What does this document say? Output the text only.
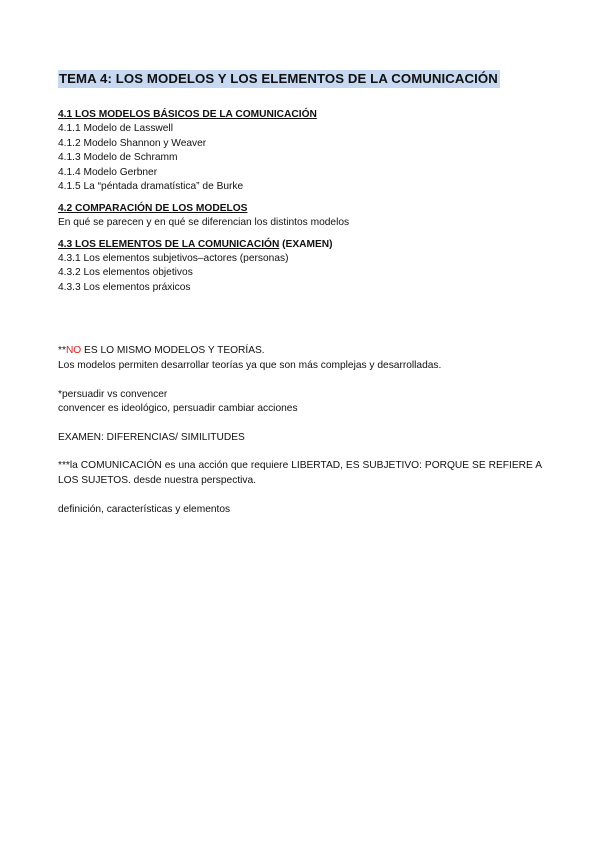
TEMA 4: LOS MODELOS Y LOS ELEMENTOS DE LA COMUNICACIÓN

4.1 LOS MODELOS BÁSICOS DE LA COMUNICACIÓN

4.1.1 Modelo de Lasswell

4.1.2 Modelo Shannon y Weaver

4.1.3 Modelo de Schramm

4.1.4 Modelo Gerbner

4.1.5 La “péntada dramatística” de Burke

4.2 COMPARACIÓN DE LOS MODELOS

En qué se parecen y en qué se diferencian los distintos modelos

4.3 LOS ELEMENTOS DE LA COMUNICACIÓN (EXAMEN)

4.3.1 Los elementos subjetivos–actores (personas)

4.3.2 Los elementos objetivos

4.3.3 Los elementos práxicos

**NO ES LO MISMO MODELOS Y TEORÍAS.

Los modelos permiten desarrollar teorías ya que son más complejas y desarrolladas.

*persuadir vs convencer

convencer es ideológico, persuadir cambiar acciones

EXAMEN: DIFERENCIAS/ SIMILITUDES

***la COMUNICACIÓN es una acción que requiere LIBERTAD, ES SUBJETIVO: PORQUE SE REFIERE A LOS SUJETOS. desde nuestra perspectiva.

definición, características y elementos
